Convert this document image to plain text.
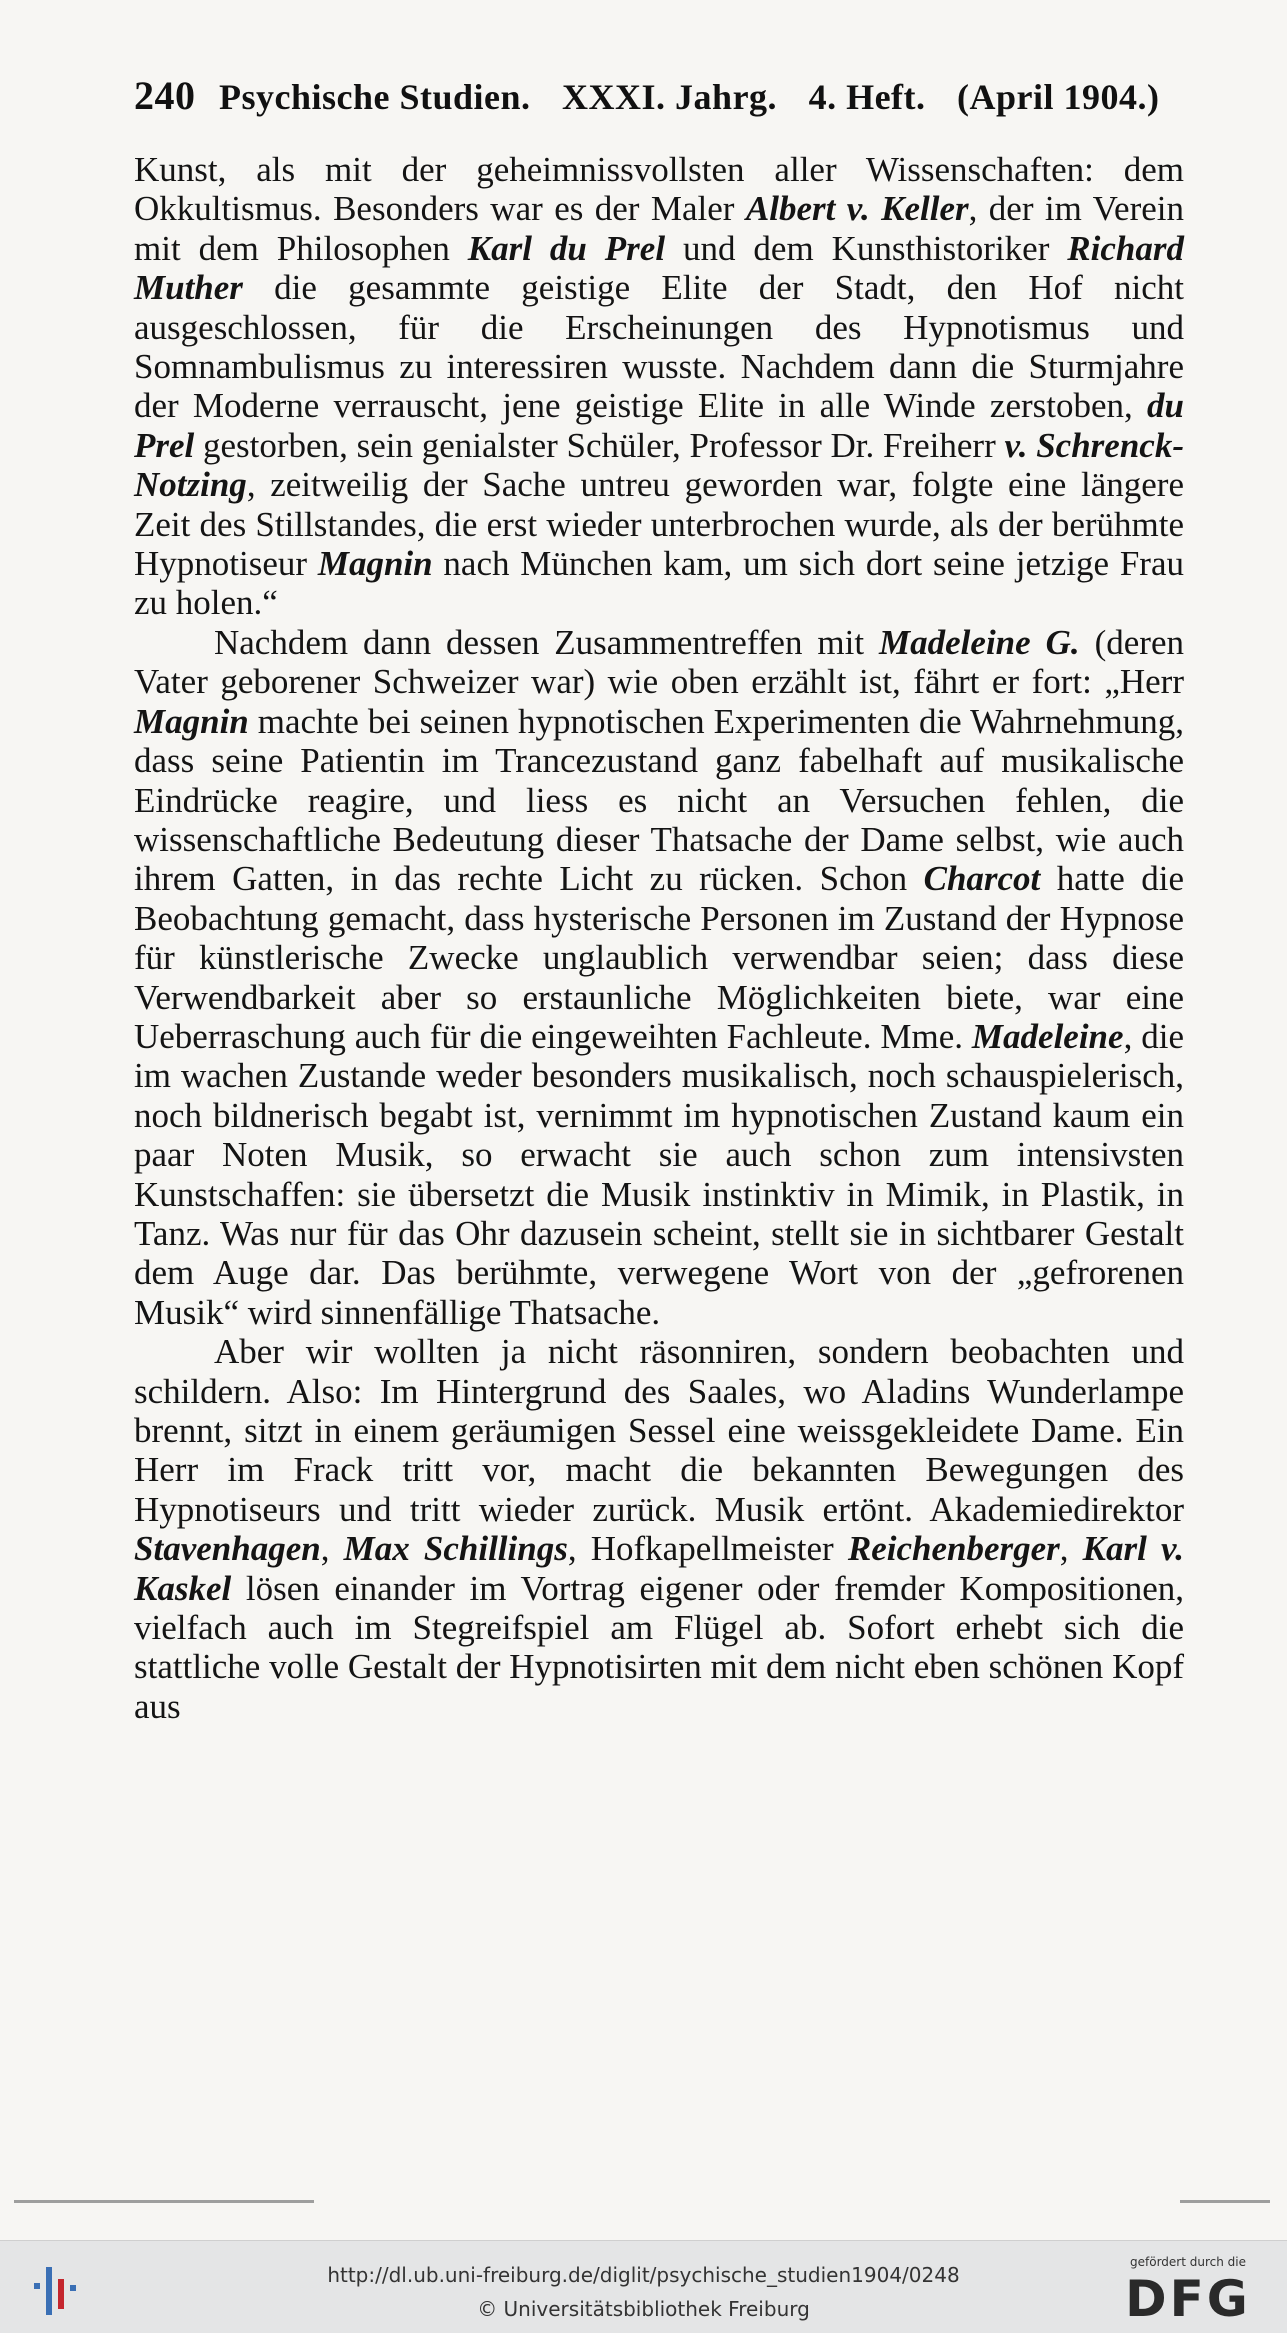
240 Psychische Studien. XXXI. Jahrg. 4. Heft. (April 1904.)

Kunst, als mit der geheimnissvollsten aller Wissenschaften: dem Okkultismus. Besonders war es der Maler Albert v. Keller, der im Verein mit dem Philosophen Karl du Prel und dem Kunsthistoriker Richard Muther die gesammte geistige Elite der Stadt, den Hof nicht ausgeschlossen, für die Erscheinungen des Hypnotismus und Somnambulismus zu interessiren wusste. Nachdem dann die Sturmjahre der Moderne verrauscht, jene geistige Elite in alle Winde zerstoben, du Prel gestorben, sein genialster Schüler, Professor Dr. Freiherr v. Schrenck-Notzing, zeitweilig der Sache untreu geworden war, folgte eine längere Zeit des Stillstandes, die erst wieder unterbrochen wurde, als der berühmte Hypnotiseur Magnin nach München kam, um sich dort seine jetzige Frau zu holen.“

Nachdem dann dessen Zusammentreffen mit Madeleine G. (deren Vater geborener Schweizer war) wie oben erzählt ist, fährt er fort: „Herr Magnin machte bei seinen hypnotischen Experimenten die Wahrnehmung, dass seine Patientin im Trancezustand ganz fabelhaft auf musikalische Eindrücke reagire, und liess es nicht an Versuchen fehlen, die wissenschaftliche Bedeutung dieser Thatsache der Dame selbst, wie auch ihrem Gatten, in das rechte Licht zu rücken. Schon Charcot hatte die Beobachtung gemacht, dass hysterische Personen im Zustand der Hypnose für künstlerische Zwecke unglaublich verwendbar seien; dass diese Verwendbarkeit aber so erstaunliche Möglichkeiten biete, war eine Ueberraschung auch für die eingeweihten Fachleute. Mme. Madeleine, die im wachen Zustande weder besonders musikalisch, noch schauspielerisch, noch bildnerisch begabt ist, vernimmt im hypnotischen Zustand kaum ein paar Noten Musik, so erwacht sie auch schon zum intensivsten Kunstschaffen: sie übersetzt die Musik instinktiv in Mimik, in Plastik, in Tanz. Was nur für das Ohr dazusein scheint, stellt sie in sichtbarer Gestalt dem Auge dar. Das berühmte, verwegene Wort von der „gefrorenen Musik“ wird sinnenfällige Thatsache.

Aber wir wollten ja nicht räsonniren, sondern beobachten und schildern. Also: Im Hintergrund des Saales, wo Aladins Wunderlampe brennt, sitzt in einem geräumigen Sessel eine weissgekleidete Dame. Ein Herr im Frack tritt vor, macht die bekannten Bewegungen des Hypnotiseurs und tritt wieder zurück. Musik ertönt. Akademiedirektor Stavenhagen, Max Schillings, Hofkapellmeister Reichenberger, Karl v. Kaskel lösen einander im Vortrag eigener oder fremder Kompositionen, vielfach auch im Stegreifspiel am Flügel ab. Sofort erhebt sich die stattliche volle Gestalt der Hypnotisirten mit dem nicht eben schönen Kopf aus

http://dl.ub.uni-freiburg.de/diglit/psychische_studien1904/0248
© Universitätsbibliothek Freiburg
gefördert durch die
DFG
